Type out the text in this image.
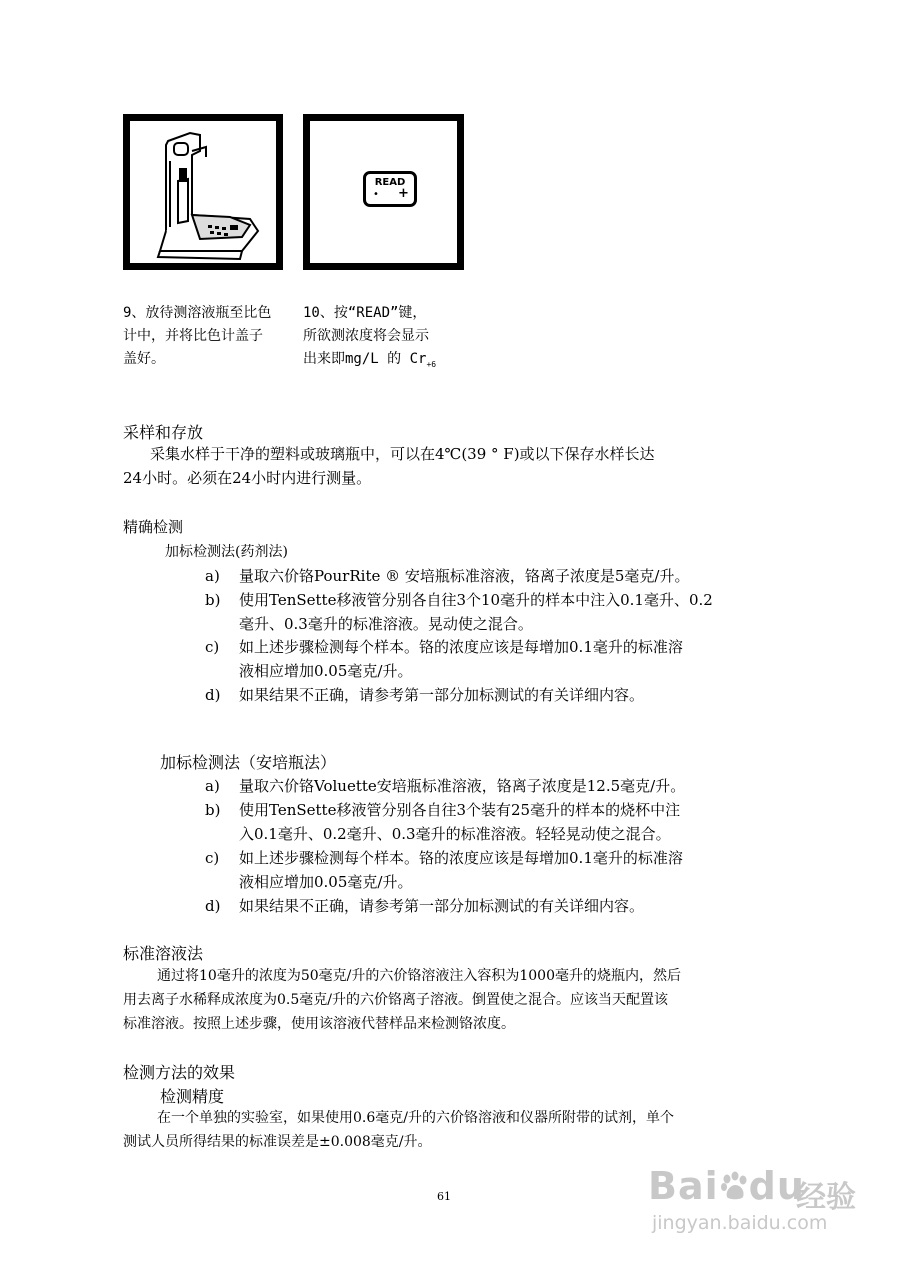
READ
• +
9、放待测溶液瓶至比色
计中，并将比色计盖子
盖好。
10、按“READ”键，
所欲测浓度将会显示
出来即mg/L 的 $Cr_{+6}$
采样和存放
采集水样于干净的塑料或玻璃瓶中，可以在4℃(39 ° F)或以下保存水样长达
24小时。必须在24小时内进行测量。
精确检测
加标检测法(药剂法)
a)	量取六价铬PourRite ® 安培瓶标准溶液，铬离子浓度是5毫克/升。
b)	使用TenSette移液管分别各自往3个10毫升的样本中注入0.1毫升、0.2
毫升、0.3毫升的标准溶液。晃动使之混合。
c)	如上述步骤检测每个样本。铬的浓度应该是每增加0.1毫升的标准溶
液相应增加0.05毫克/升。
d)	如果结果不正确，请参考第一部分加标测试的有关详细内容。
加标检测法（安培瓶法）
a)	量取六价铬Voluette安培瓶标准溶液，铬离子浓度是12.5毫克/升。
b)	使用TenSette移液管分别各自往3个装有25毫升的样本的烧杯中注
入0.1毫升、0.2毫升、0.3毫升的标准溶液。轻轻晃动使之混合。
c)	如上述步骤检测每个样本。铬的浓度应该是每增加0.1毫升的标准溶
液相应增加0.05毫克/升。
d)	如果结果不正确，请参考第一部分加标测试的有关详细内容。
标准溶液法
通过将10毫升的浓度为50毫克/升的六价铬溶液注入容积为1000毫升的烧瓶内，然后
用去离子水稀释成浓度为0.5毫克/升的六价铬离子溶液。倒置使之混合。应该当天配置该
标准溶液。按照上述步骤，使用该溶液代替样品来检测铬浓度。
检测方法的效果
检测精度
在一个单独的实验室，如果使用0.6毫克/升的六价铬溶液和仪器所附带的试剂，单个
测试人员所得结果的标准误差是±0.008毫克/升。
61	Bai du
经验
jingyan.baidu.com
